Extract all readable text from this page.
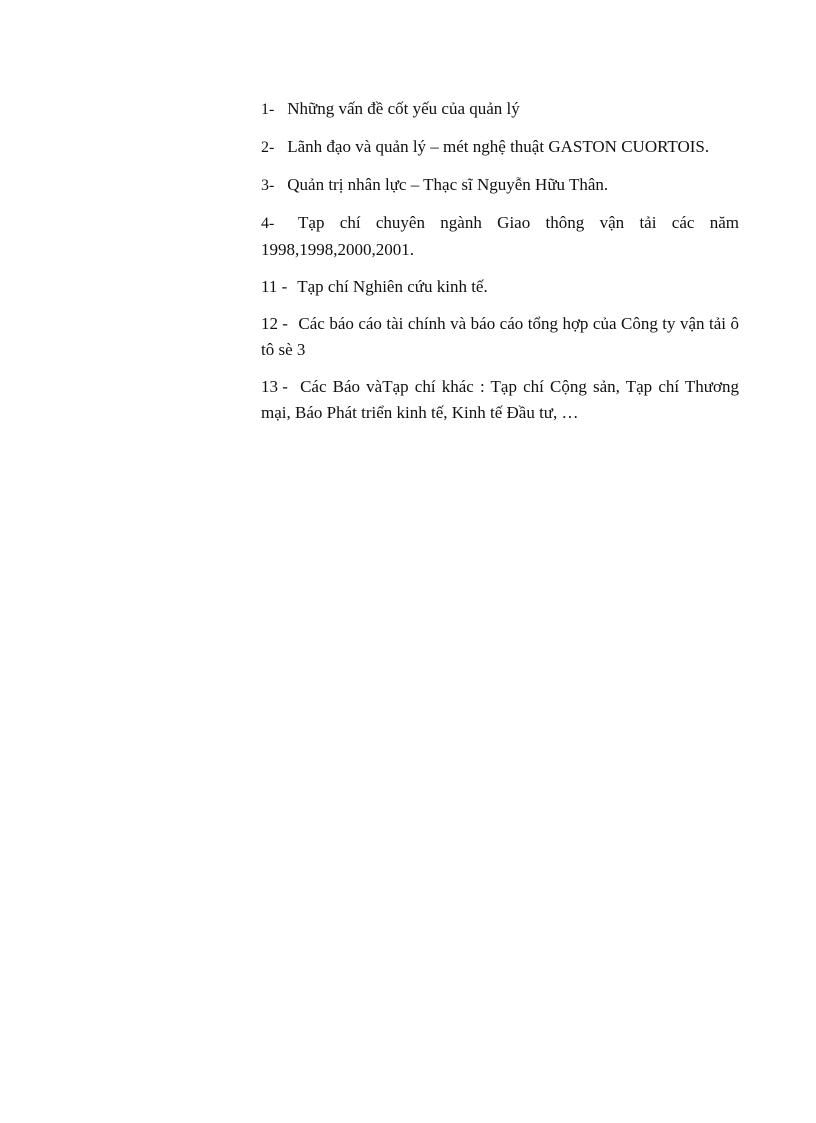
1- Những vấn đề cốt yếu của quản lý

2- Lãnh đạo và quản lý – mét nghệ thuật GASTON CUORTOIS.

3- Quản trị nhân lực – Thạc sĩ Nguyễn Hữu Thân.

4- Tạp chí chuyên ngành Giao thông vận tải các năm 1998,1998,2000,2001.

11 - Tạp chí Nghiên cứu kinh tế.

12 - Các báo cáo tài chính và báo cáo tổng hợp của Công ty vận tải ô tô sè 3

13 - Các Báo vàTạp chí khác : Tạp chí Cộng sản, Tạp chí Thương mại, Báo Phát triển kinh tế, Kinh tế Đầu tư, …
